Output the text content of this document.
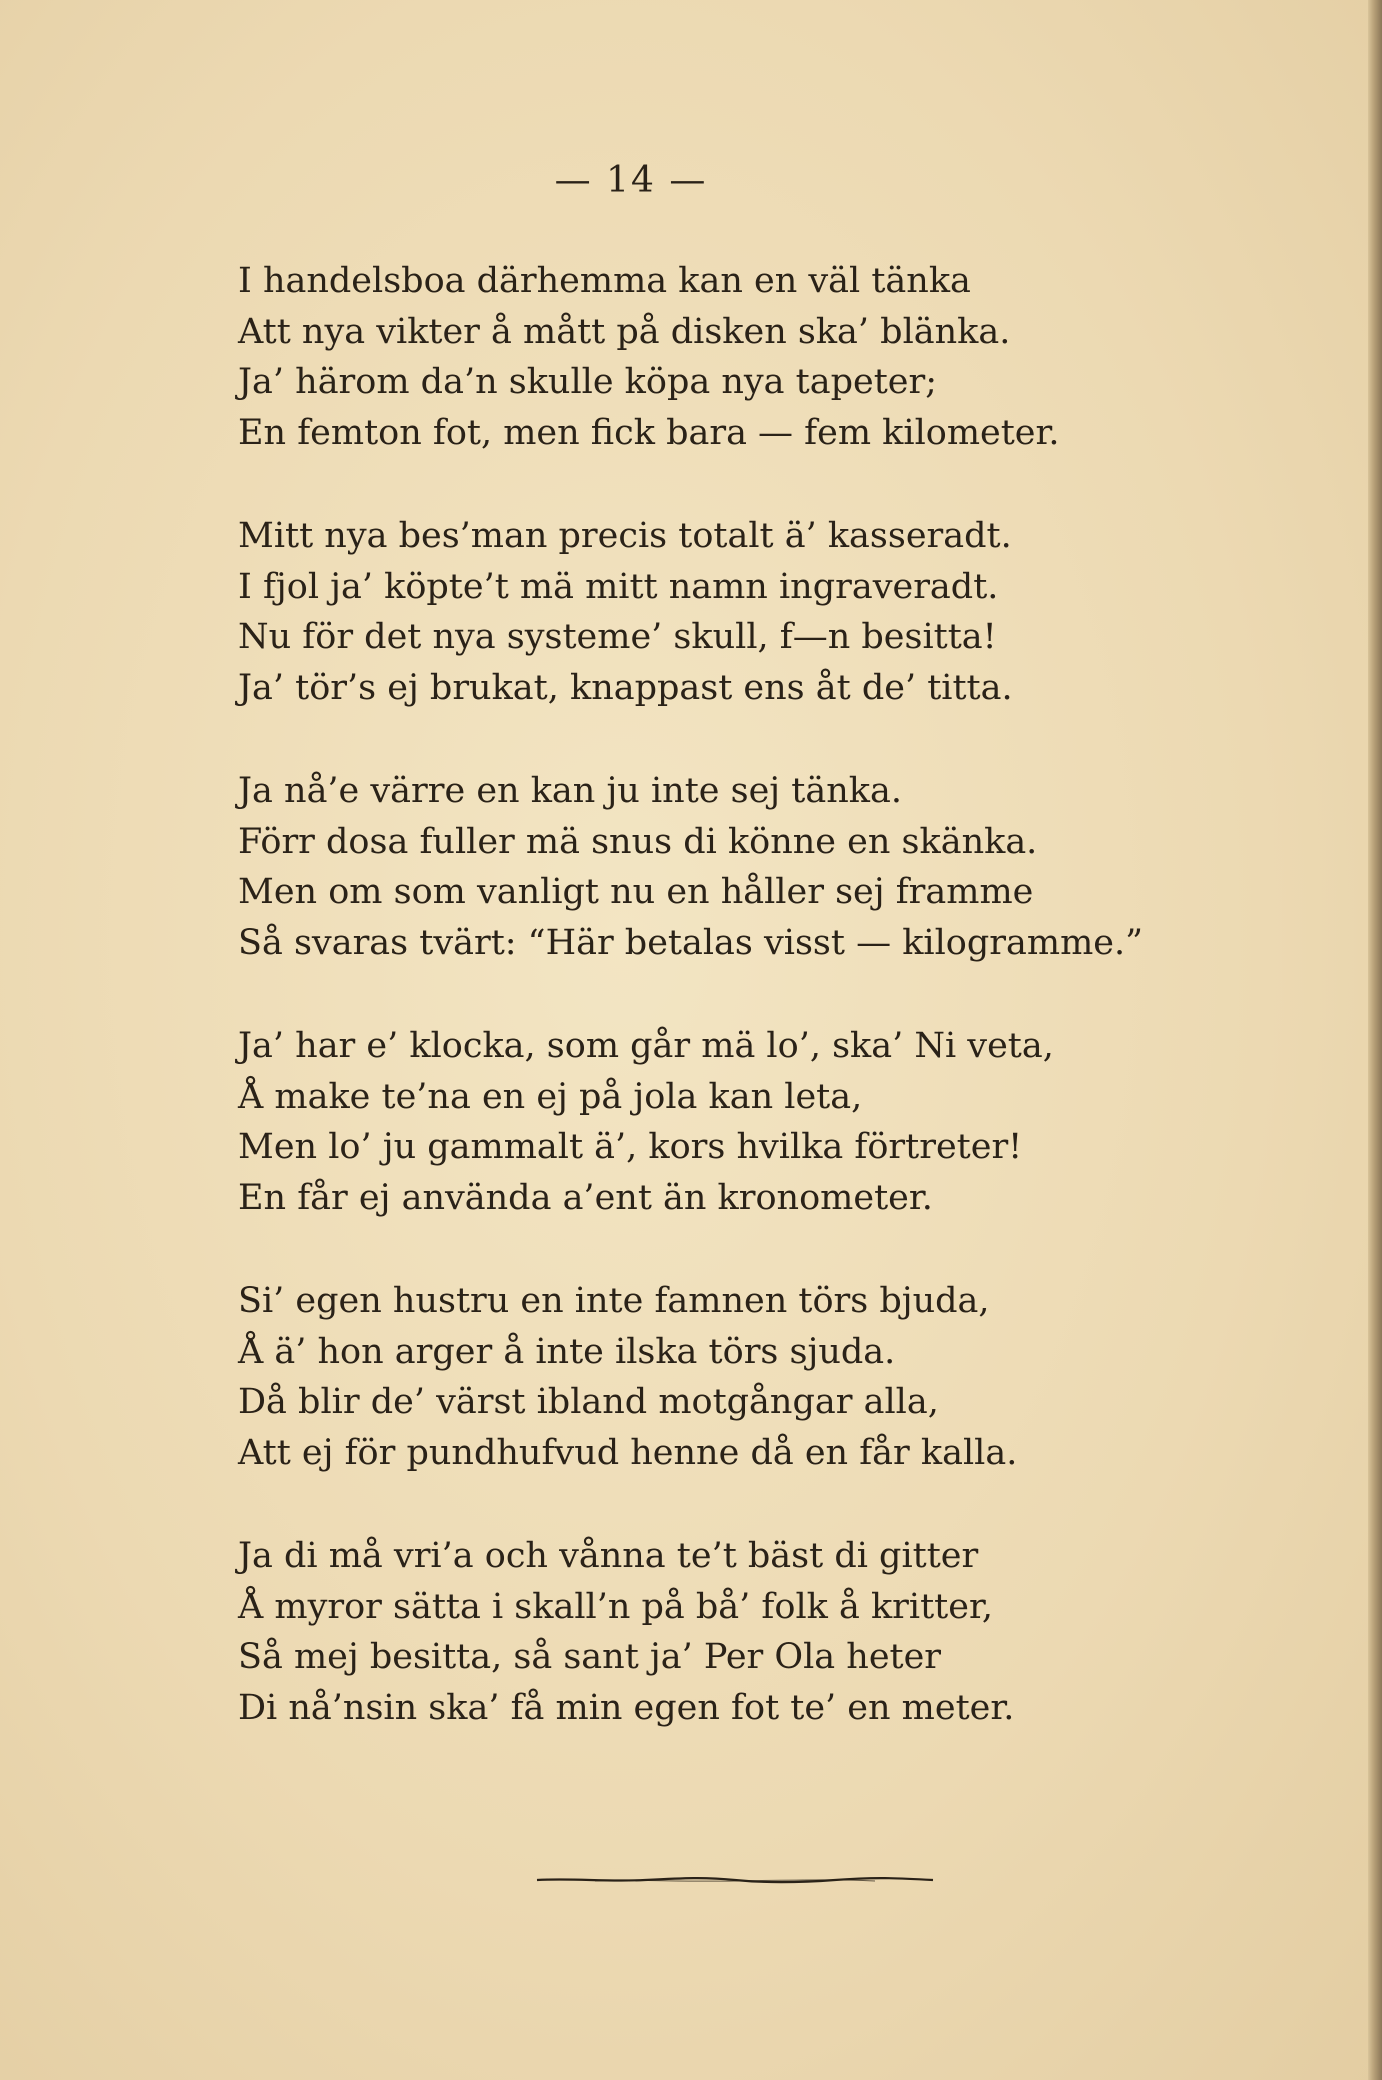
— 14 —
I handelsboa därhemma kan en väl tänka
Att nya vikter å mått på disken ska’ blänka.
Ja’ härom da’n skulle köpa nya tapeter;
En femton fot, men fick bara — fem kilometer.
Mitt nya bes’man precis totalt ä’ kasseradt.
I fjol ja’ köpte’t mä mitt namn ingraveradt.
Nu för det nya systeme’ skull, f—n besitta!
Ja’ tör’s ej brukat, knappast ens åt de’ titta.
Ja nå’e värre en kan ju inte sej tänka.
Förr dosa fuller mä snus di könne en skänka.
Men om som vanligt nu en håller sej framme
Så svaras tvärt: “Här betalas visst — kilogramme.”
Ja’ har e’ klocka, som går mä lo’, ska’ Ni veta,
Å make te’na en ej på jola kan leta,
Men lo’ ju gammalt ä’, kors hvilka förtreter!
En får ej använda a’ent än kronometer.
Si’ egen hustru en inte famnen törs bjuda,
Å ä’ hon arger å inte ilska törs sjuda.
Då blir de’ värst ibland motgångar alla,
Att ej för pundhufvud henne då en får kalla.
Ja di må vri’a och vånna te’t bäst di gitter
Å myror sätta i skall’n på bå’ folk å kritter,
Så mej besitta, så sant ja’ Per Ola heter
Di nå’nsin ska’ få min egen fot te’ en meter.
